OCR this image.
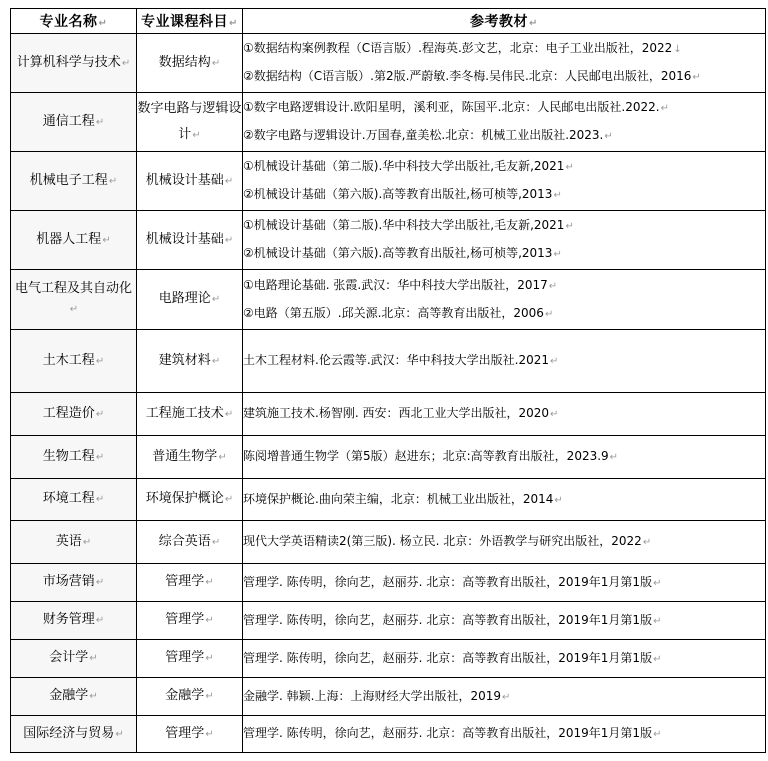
专业名称↵	专业课程科目↵	参考教材↵
计算机科学与技术↵	数据结构↵	①数据结构案例教程（C语言版）.程海英.彭文艺，北京：电子工业出版社，2022↓
②数据结构（C语言版）.第2版.严蔚敏.李冬梅.吴伟民.北京：人民邮电出版社，2016↵

通信工程↵	数字电路与逻辑设计↵	①数字电路逻辑设计.欧阳星明，溪利亚，陈国平.北京：人民邮电出版社.2022.↵
②数字电路与逻辑设计.万国春,童美松.北京：机械工业出版社.2023.↵

机械电子工程↵	机械设计基础↵	①机械设计基础（第二版).华中科技大学出版社,毛友新,2021↵
②机械设计基础（第六版).高等教育出版社,杨可桢等,2013↵

机器人工程↵	机械设计基础↵	①机械设计基础（第二版).华中科技大学出版社,毛友新,2021↵
②机械设计基础（第六版).高等教育出版社,杨可桢等,2013↵

电气工程及其自动化↵	电路理论↵	①电路理论基础. 张霞.武汉：华中科技大学出版社，2017↵
②电路（第五版）.邱关源.北京：高等教育出版社，2006↵

土木工程↵	建筑材料↵	土木工程材料.伦云霞等.武汉：华中科技大学出版社.2021↵

工程造价↵	工程施工技术↵	建筑施工技术.杨智刚. 西安：西北工业大学出版社，2020↵

生物工程↵	普通生物学↵	陈阅增普通生物学（第5版）赵进东；北京:高等教育出版社，2023.9↵

环境工程↵	环境保护概论↵	环境保护概论.曲向荣主编，北京：机械工业出版社，2014↵

英语↵	综合英语↵	现代大学英语精读2(第三版). 杨立民. 北京：外语教学与研究出版社，2022↵

市场营销↵	管理学↵	管理学. 陈传明，徐向艺，赵丽芬. 北京：高等教育出版社，2019年1月第1版↵

财务管理↵	管理学↵	管理学. 陈传明，徐向艺，赵丽芬. 北京：高等教育出版社，2019年1月第1版↵

会计学↵	管理学↵	管理学. 陈传明，徐向艺，赵丽芬. 北京：高等教育出版社，2019年1月第1版↵

金融学↵	金融学↵	金融学. 韩颖.上海：上海财经大学出版社，2019↵

国际经济与贸易↵	管理学↵	管理学. 陈传明，徐向艺，赵丽芬. 北京：高等教育出版社，2019年1月第1版↵
